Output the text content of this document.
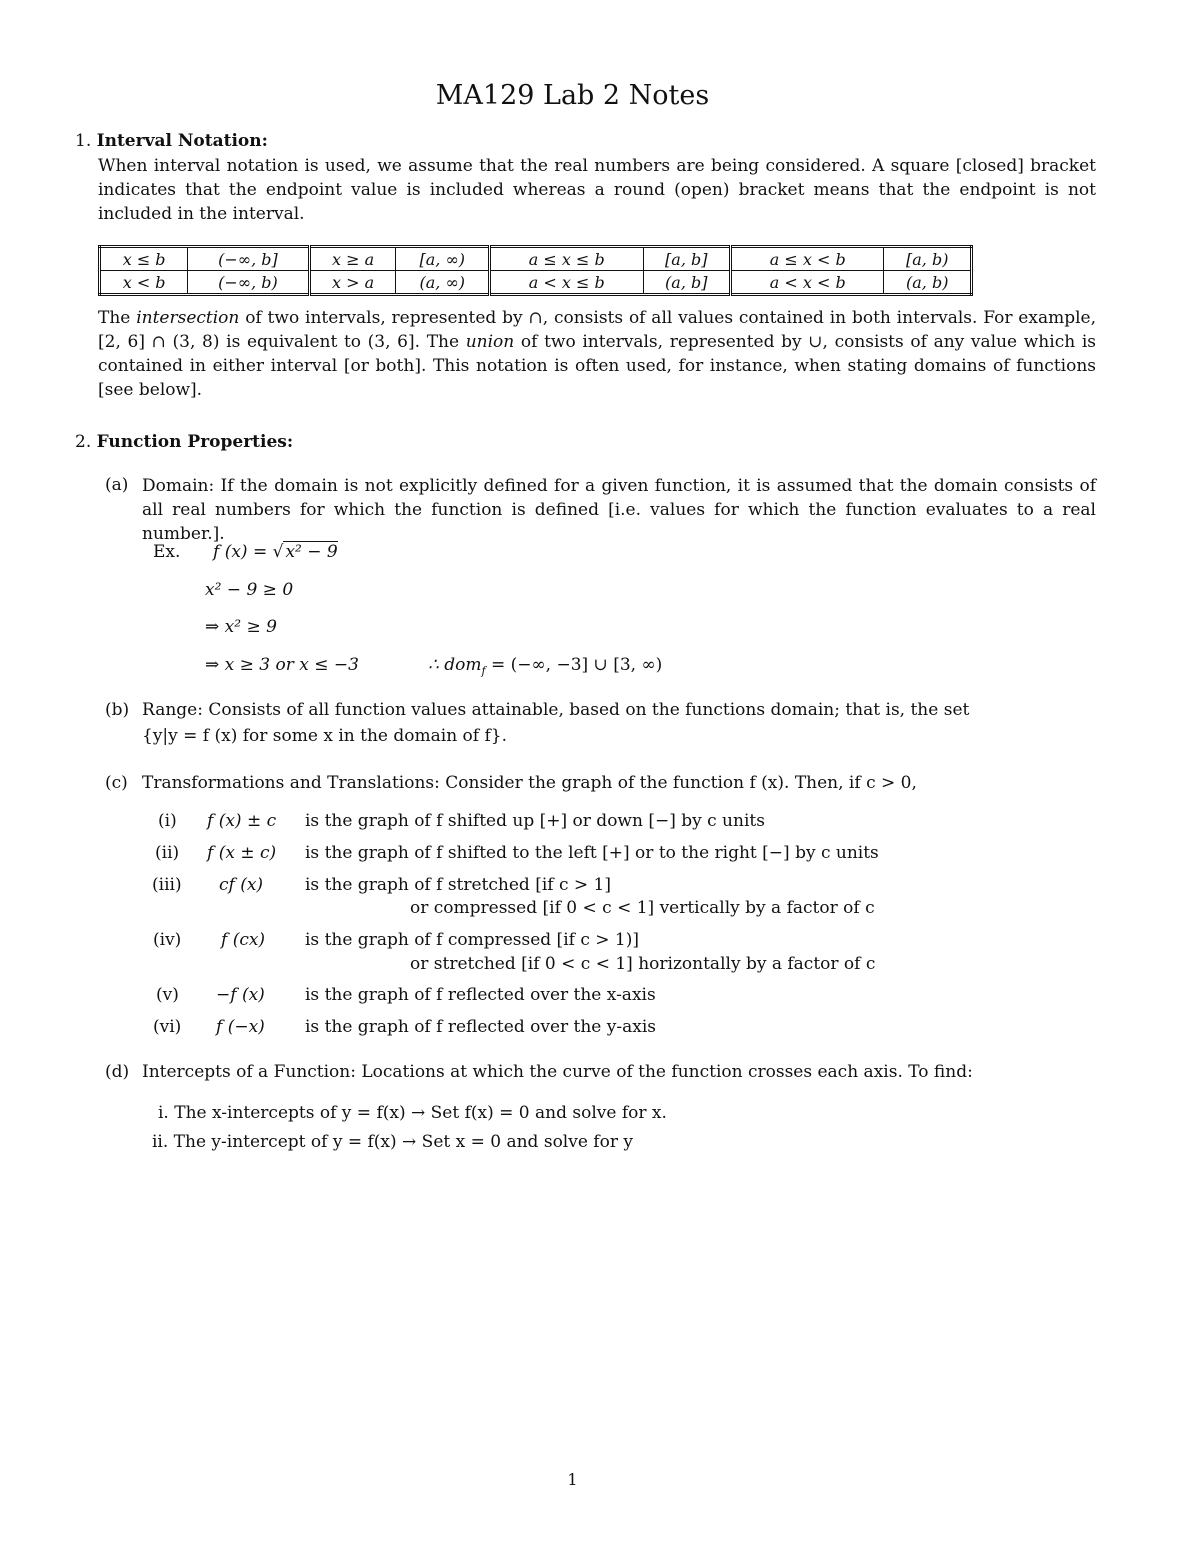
MA129 Lab 2 Notes
1. Interval Notation:
When interval notation is used, we assume that the real numbers are being considered. A square [closed] bracket indicates that the endpoint value is included whereas a round (open) bracket means that the endpoint is not included in the interval.
x ≤ b	(−∞, b]	x ≥ a	[a, ∞)	a ≤ x ≤ b	[a, b]	a ≤ x < b	[a, b)
x < b	(−∞, b)	x > a	(a, ∞)	a < x ≤ b	(a, b]	a < x < b	(a, b)
The intersection of two intervals, represented by ∩, consists of all values contained in both intervals. For example, [2, 6] ∩ (3, 8) is equivalent to (3, 6]. The union of two intervals, represented by ∪, consists of any value which is contained in either interval [or both]. This notation is often used, for instance, when stating domains of functions [see below].
2. Function Properties:
(a) Domain: If the domain is not explicitly defined for a given function, it is assumed that the domain consists of all real numbers for which the function is defined [i.e. values for which the function evaluates to a real number.].
Ex. f (x) = √ x² − 9
x² − 9 ≥ 0
⇒ x² ≥ 9
⇒ x ≥ 3 or x ≤ −3	∴ dom$_f$ = (−∞, −3] ∪ [3, ∞)
(b) Range: Consists of all function values attainable, based on the functions domain; that is, the set
{y|y = f (x) for some x in the domain of f}.
(c) Transformations and Translations: Consider the graph of the function f (x). Then, if c > 0,
(i) f (x) ± c is the graph of f shifted up [+] or down [−] by c units
(ii) f (x ± c) is the graph of f shifted to the left [+] or to the right [−] by c units
(iii) cf (x) is the graph of f stretched [if c > 1]
or compressed [if 0 < c < 1] vertically by a factor of c
(iv) f (cx) is the graph of f compressed [if c > 1)]
or stretched [if 0 < c < 1] horizontally by a factor of c
(v) −f (x) is the graph of f reflected over the x-axis
(vi) f (−x) is the graph of f reflected over the y-axis
(d) Intercepts of a Function: Locations at which the curve of the function crosses each axis. To find:
i. The x-intercepts of y = f(x) → Set f(x) = 0 and solve for x.
ii. The y-intercept of y = f(x) → Set x = 0 and solve for y
1
